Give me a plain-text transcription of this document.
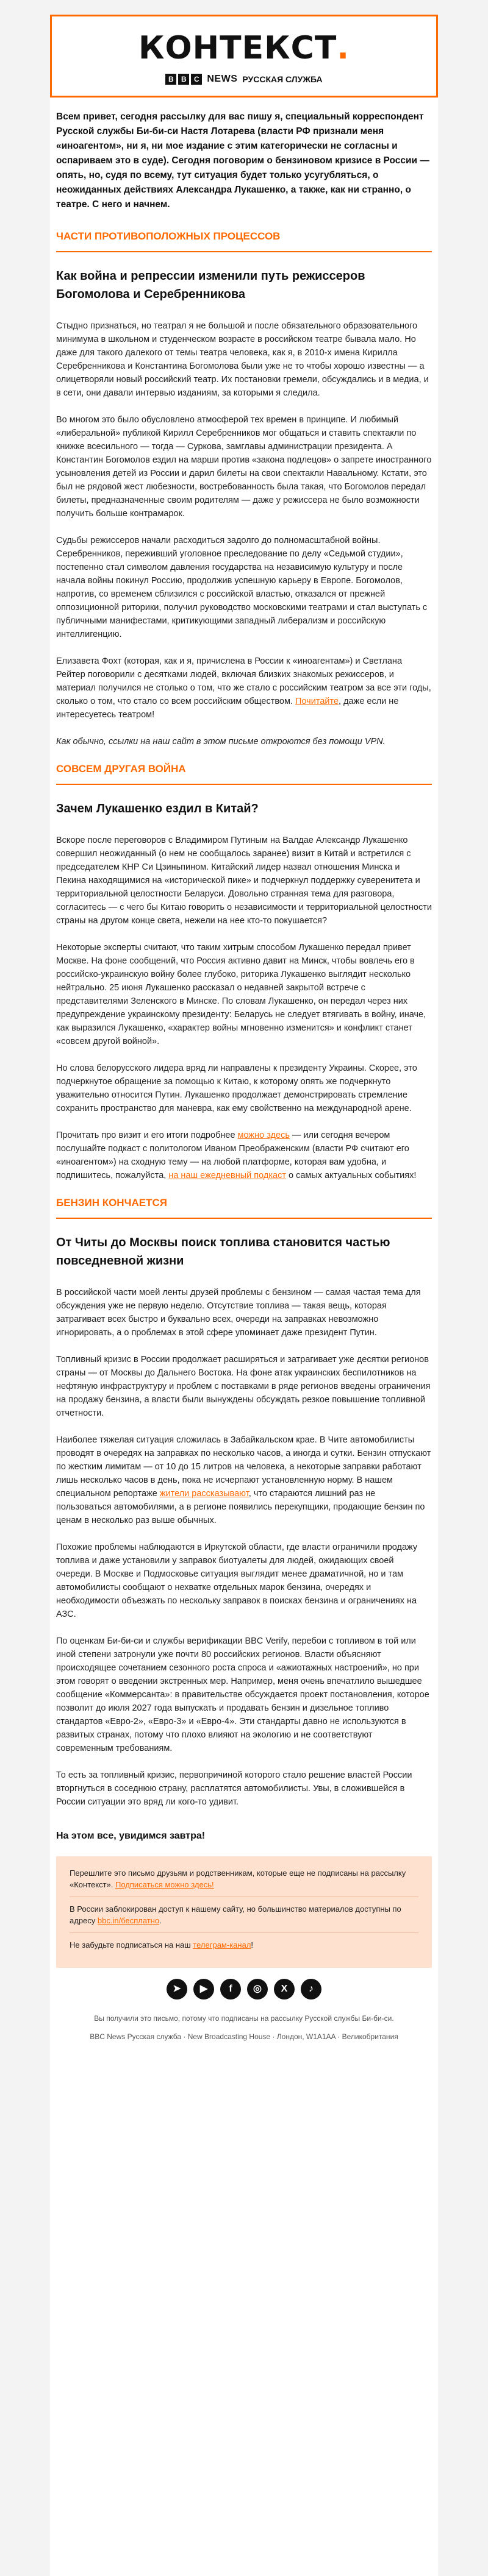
КОНТЕКСТ.
B	B	C NEWS РУССКАЯ СЛУЖБА
Всем привет, сегодня рассылку для вас пишу я, специальный корреспондент Русской службы Би-би-си Настя Лотарева (власти РФ признали меня «иноагентом», ни я, ни мое издание с этим категорически не согласны и оспариваем это в суде). Сегодня поговорим о бензиновом кризисе в России — опять, но, судя по всему, тут ситуация будет только усугубляться, о неожиданных действиях Александра Лукашенко, а также, как ни странно, о театре. С него и начнем.
ЧАСТИ ПРОТИВОПОЛОЖНЫХ ПРОЦЕССОВ
Как война и репрессии изменили путь режиссеров Богомолова и Серебренникова

Стыдно признаться, но театрал я не большой и после обязательного образовательного минимума в школьном и студенческом возрасте в российском театре бывала мало. Но даже для такого далекого от темы театра человека, как я, в 2010-х имена Кирилла Серебренникова и Константина Богомолова были уже не то чтобы хорошо известны — а олицетворяли новый российский театр. Их постановки гремели, обсуждались и в медиа, и в сети, они давали интервью изданиям, за которыми я следила.

Во многом это было обусловлено атмосферой тех времен в принципе. И любимый «либеральной» публикой Кирилл Серебренников мог общаться и ставить спектакли по книжке всесильного — тогда — Суркова, замглавы администрации президента. А Константин Богомолов ездил на марши против «закона подлецов» о запрете иностранного усыновления детей из России и дарил билеты на свои спектакли Навальному. Кстати, это был не рядовой жест любезности, востребованность была такая, что Богомолов передал билеты, предназначенные своим родителям — даже у режиссера не было возможности получить больше контрамарок.

Судьбы режиссеров начали расходиться задолго до полномасштабной войны. Серебренников, переживший уголовное преследование по делу «Седьмой студии», постепенно стал символом давления государства на независимую культуру и после начала войны покинул Россию, продолжив успешную карьеру в Европе. Богомолов, напротив, со временем сблизился с российской властью, отказался от прежней оппозиционной риторики, получил руководство московскими театрами и стал выступать с публичными манифестами, критикующими западный либерализм и российскую интеллигенцию.

Елизавета Фохт (которая, как и я, причислена в России к «иноагентам») и Светлана Рейтер поговорили с десятками людей, включая близких знакомых режиссеров, и материал получился не столько о том, что же стало с российским театром за все эти годы, сколько о том, что стало со всем российским обществом. Почитайте, даже если не интересуетесь театром!

Как обычно, ссылки на наш сайт в этом письме откроются без помощи VPN.

СОВСЕМ ДРУГАЯ ВОЙНА
Зачем Лукашенко ездил в Китай?

Вскоре после переговоров с Владимиром Путиным на Валдае Александр Лукашенко совершил неожиданный (о нем не сообщалось заранее) визит в Китай и встретился с председателем КНР Си Цзиньпином. Китайский лидер назвал отношения Минска и Пекина находящимися на «исторической пике» и подчеркнул поддержку суверенитета и территориальной целостности Беларуси. Довольно странная тема для разговора, согласитесь — с чего бы Китаю говорить о независимости и территориальной целостности страны на другом конце света, нежели на нее кто-то покушается?

Некоторые эксперты считают, что таким хитрым способом Лукашенко передал привет Москве. На фоне сообщений, что Россия активно давит на Минск, чтобы вовлечь его в российско-украинскую войну более глубоко, риторика Лукашенко выглядит несколько нейтрально. 25 июня Лукашенко рассказал о недавней закрытой встрече с представителями Зеленского в Минске. По словам Лукашенко, он передал через них предупреждение украинскому президенту: Беларусь не следует втягивать в войну, иначе, как выразился Лукашенко, «характер войны мгновенно изменится» и конфликт станет «совсем другой войной».

Но слова белорусского лидера вряд ли направлены к президенту Украины. Скорее, это подчеркнутое обращение за помощью к Китаю, к которому опять же подчеркнуто уважительно относится Путин. Лукашенко продолжает демонстрировать стремление сохранить пространство для маневра, как ему свойственно на международной арене.

Прочитать про визит и его итоги подробнее можно здесь — или сегодня вечером послушайте подкаст с политологом Иваном Преображенским (власти РФ считают его «иноагентом») на сходную тему — на любой платформе, которая вам удобна, и подпишитесь, пожалуйста, на наш ежедневный подкаст о самых актуальных событиях!

БЕНЗИН КОНЧАЕТСЯ
От Читы до Москвы поиск топлива становится частью повседневной жизни

В российской части моей ленты друзей проблемы с бензином — самая частая тема для обсуждения уже не первую неделю. Отсутствие топлива — такая вещь, которая затрагивает всех быстро и буквально всех, очереди на заправках невозможно игнорировать, а о проблемах в этой сфере упоминает даже президент Путин.

Топливный кризис в России продолжает расширяться и затрагивает уже десятки регионов страны — от Москвы до Дальнего Востока. На фоне атак украинских беспилотников на нефтяную инфраструктуру и проблем с поставками в ряде регионов введены ограничения на продажу бензина, а власти были вынуждены обсуждать резкое повышение топливной отчетности.

Наиболее тяжелая ситуация сложилась в Забайкальском крае. В Чите автомобилисты проводят в очередях на заправках по несколько часов, а иногда и сутки. Бензин отпускают по жестким лимитам — от 10 до 15 литров на человека, а некоторые заправки работают лишь несколько часов в день, пока не исчерпают установленную норму. В нашем специальном репортаже жители рассказывают, что стараются лишний раз не пользоваться автомобилями, а в регионе появились перекупщики, продающие бензин по ценам в несколько раз выше обычных.

Похожие проблемы наблюдаются в Иркутской области, где власти ограничили продажу топлива и даже установили у заправок биотуалеты для людей, ожидающих своей очереди. В Москве и Подмосковье ситуация выглядит менее драматичной, но и там автомобилисты сообщают о нехватке отдельных марок бензина, очередях и необходимости объезжать по нескольку заправок в поисках бензина и ограничениях на АЗС.

По оценкам Би-би-си и службы верификации BBC Verify, перебои с топливом в той или иной степени затронули уже почти 80 российских регионов. Власти объясняют происходящее сочетанием сезонного роста спроса и «ажиотажных настроений», но при этом говорят о введении экстренных мер. Например, меня очень впечатлило вышедшее сообщение «Коммерсанта»: в правительстве обсуждается проект постановления, которое позволит до июля 2027 года выпускать и продавать бензин и дизельное топливо стандартов «Евро-2», «Евро-3» и «Евро-4». Эти стандарты давно не используются в развитых странах, потому что плохо влияют на экологию и не соответствуют современным требованиям.

То есть за топливный кризис, первопричиной которого стало решение властей России вторгнуться в соседнюю страну, расплатятся автомобилисты. Увы, в сложившейся в России ситуации это вряд ли кого-то удивит.

На этом все, увидимся завтра!

Перешлите это письмо друзьям и родственникам, которые еще не подписаны на рассылку «Контекст». Подписаться можно здесь!

В России заблокирован доступ к нашему сайту, но большинство материалов доступны по адресу bbc.in/бесплатно.

Не забудьте подписаться на наш телеграм-канал!

➤	▶	f	◎	X	♪
Вы получили это письмо, потому что подписаны на рассылку Русской службы Би-би-си.
BBC News Русская служба · New Broadcasting House · Лондон, W1A1AA · Великобритания
